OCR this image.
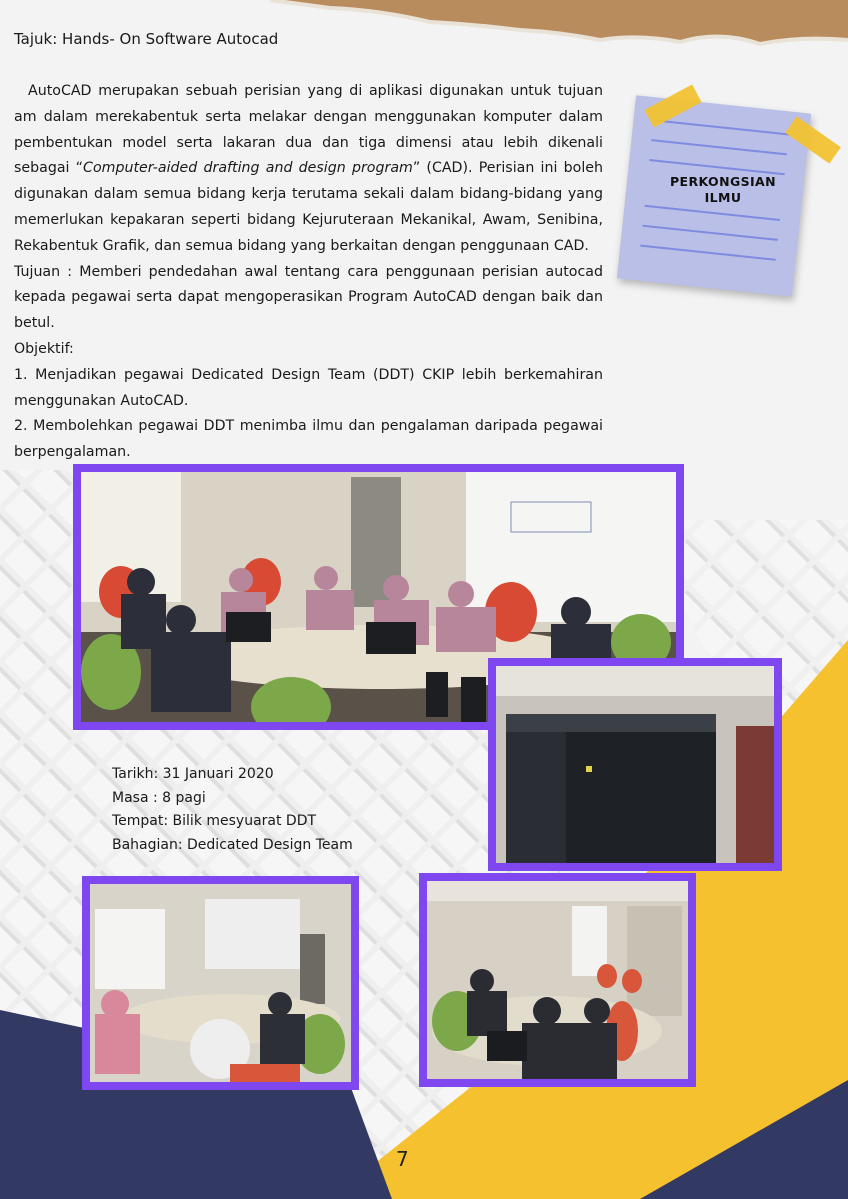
Tajuk: Hands- On Software Autocad

AutoCAD merupakan sebuah perisian yang di aplikasi digunakan untuk tujuan am dalam merekabentuk serta melakar dengan menggunakan komputer dalam pembentukan model serta lakaran dua dan tiga dimensi atau lebih dikenali sebagai “Computer-aided drafting and design program” (CAD). Perisian ini boleh digunakan dalam semua bidang kerja terutama sekali dalam bidang-bidang yang memerlukan kepakaran seperti bidang Kejuruteraan Mekanikal, Awam, Senibina, Rekabentuk Grafik, dan semua bidang yang berkaitan dengan penggunaan CAD.

Tujuan : Memberi pendedahan awal tentang cara penggunaan perisian autocad kepada pegawai serta dapat mengoperasikan Program AutoCAD dengan baik dan betul.

Objektif:

1. Menjadikan pegawai Dedicated Design Team (DDT) CKIP lebih berkemahiran menggunakan AutoCAD.

2. Membolehkan pegawai DDT menimba ilmu dan pengalaman daripada pegawai berpengalaman.

PERKONGSIAN
ILMU
Tarikh: 31 Januari 2020
Masa : 8 pagi
Tempat: Bilik mesyuarat DDT
Bahagian: Dedicated Design Team
7
